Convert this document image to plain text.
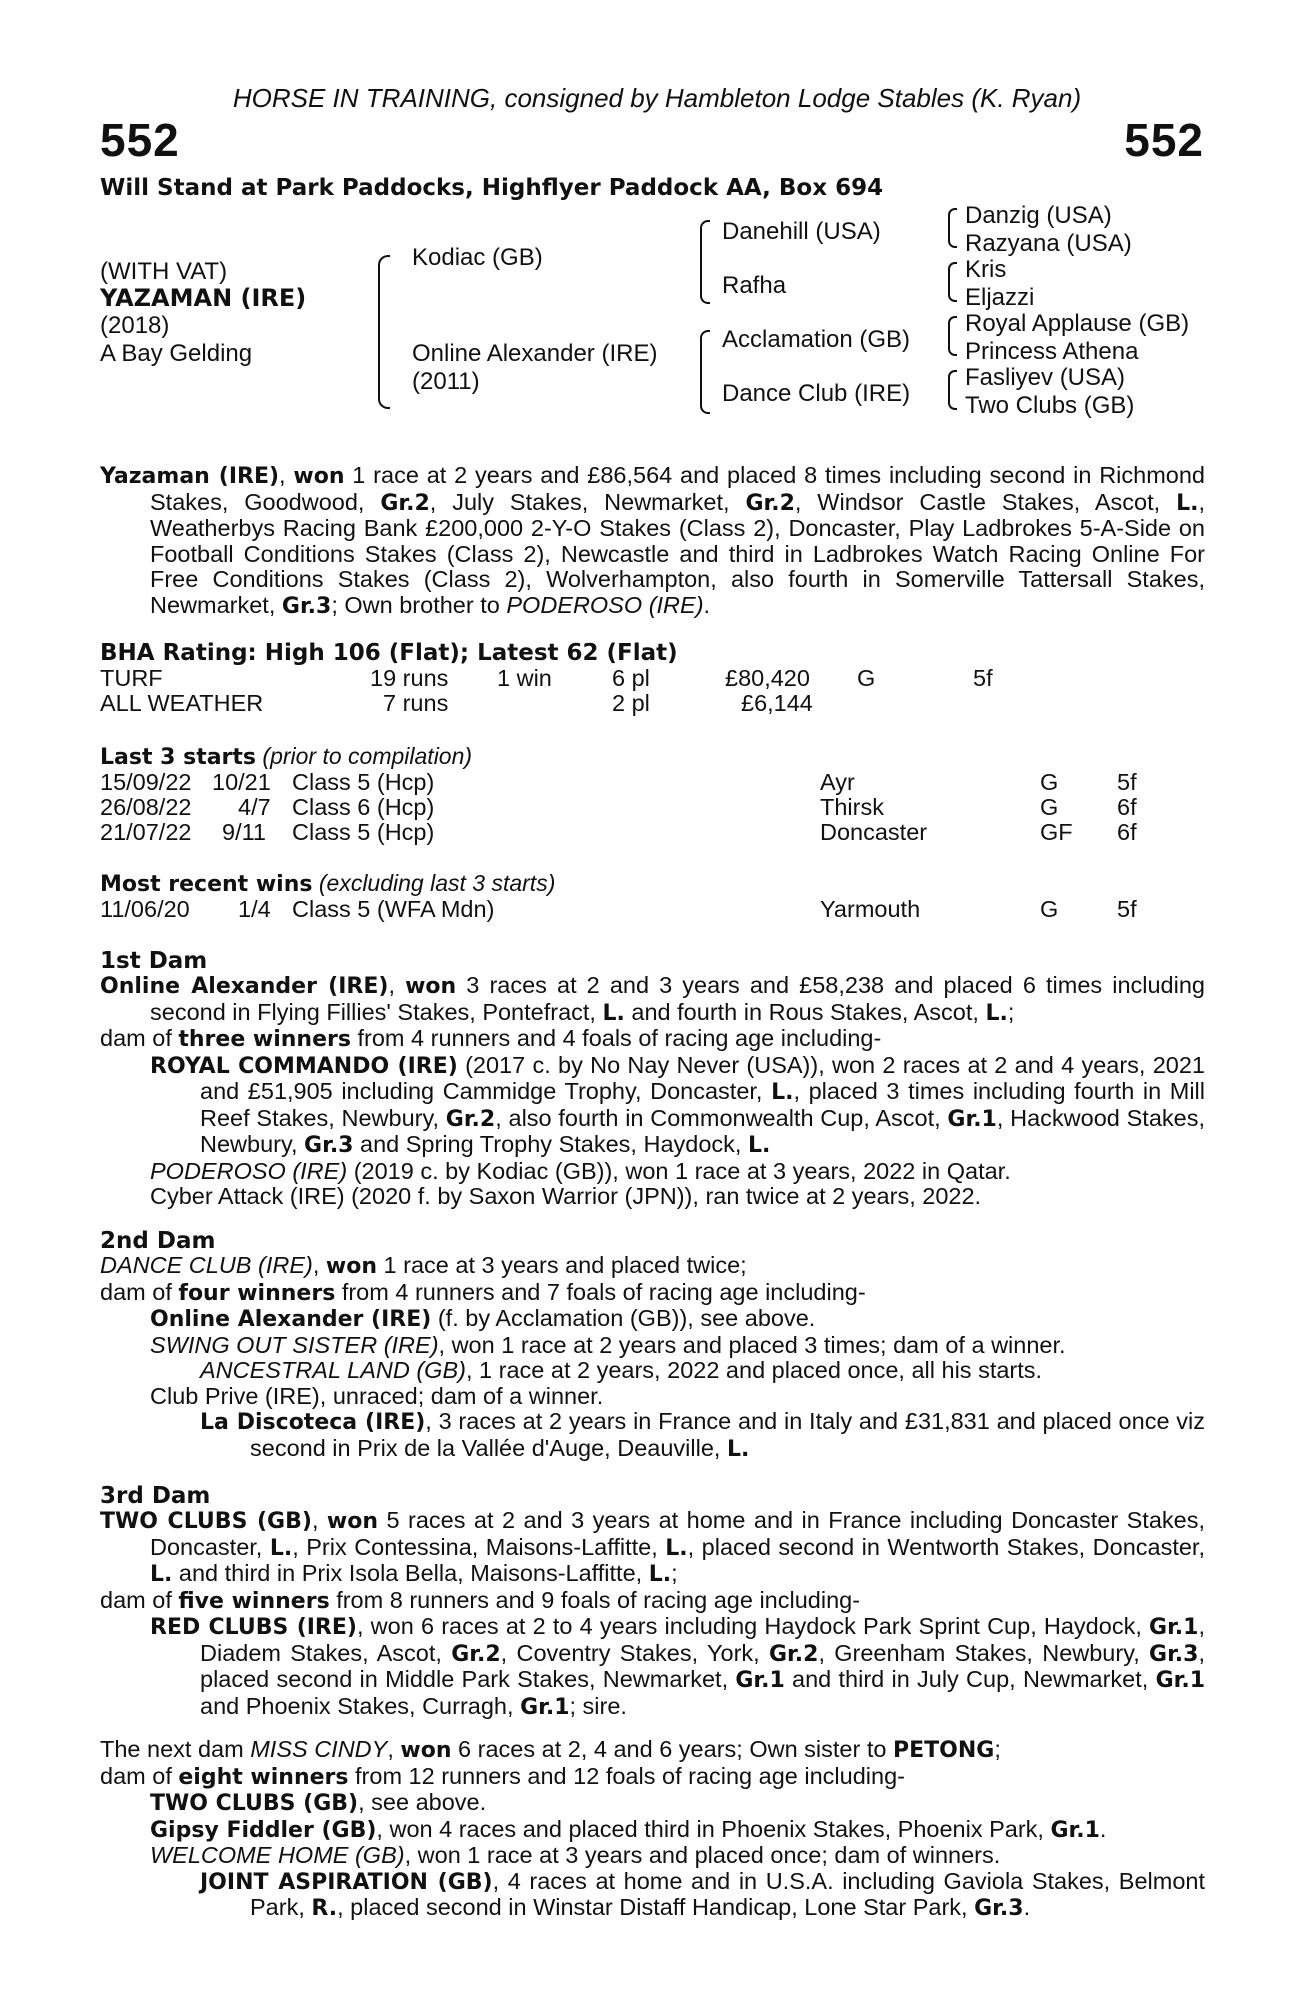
HORSE IN TRAINING, consigned by Hambleton Lodge Stables (K. Ryan)
552	552
Will Stand at Park Paddocks, Highflyer Paddock AA, Box 694
(WITH VAT)
YAZAMAN (IRE)
(2018)
A Bay Gelding
Kodiac (GB)
Online Alexander (IRE)
(2011)
Danehill (USA)
Rafha
Acclamation (GB)
Dance Club (IRE)
Danzig (USA)
Razyana (USA)
Kris
Eljazzi
Royal Applause (GB)
Princess Athena
Fasliyev (USA)
Two Clubs (GB)
Yazaman (IRE), won 1 race at 2 years and £86,564 and placed 8 times including second in Richmond Stakes, Goodwood, Gr.2, July Stakes, Newmarket, Gr.2, Windsor Castle Stakes, Ascot, L., Weatherbys Racing Bank £200,000 2-Y-O Stakes (Class 2), Doncaster, Play Ladbrokes 5-A-Side on Football Conditions Stakes (Class 2), Newcastle and third in Ladbrokes Watch Racing Online For Free Conditions Stakes (Class 2), Wolverhampton, also fourth in Somerville Tattersall Stakes, Newmarket, Gr.3; Own brother to PODEROSO (IRE).
BHA Rating: High 106 (Flat); Latest 62 (Flat)
TURF	19 runs 1 win	6 pl	£80,420 G	5f
ALL WEATHER	7 runs	2 pl	£6,144
Last 3 starts (prior to compilation)
15/09/22 10/21 Class 5 (Hcp)	Ayr	G 5f
26/08/22 4/7 Class 6 (Hcp)	Thirsk	G 6f
21/07/22 9/11 Class 5 (Hcp)	Doncaster	GF 6f
Most recent wins (excluding last 3 starts)
11/06/20 1/4 Class 5 (WFA Mdn)	Yarmouth	G 5f
1st Dam
Online Alexander (IRE), won 3 races at 2 and 3 years and £58,238 and placed 6 times including second in Flying Fillies' Stakes, Pontefract, L. and fourth in Rous Stakes, Ascot, L.;
dam of three winners from 4 runners and 4 foals of racing age including-
ROYAL COMMANDO (IRE) (2017 c. by No Nay Never (USA)), won 2 races at 2 and 4 years, 2021 and £51,905 including Cammidge Trophy, Doncaster, L., placed 3 times including fourth in Mill Reef Stakes, Newbury, Gr.2, also fourth in Commonwealth Cup, Ascot, Gr.1, Hackwood Stakes, Newbury, Gr.3 and Spring Trophy Stakes, Haydock, L.
PODEROSO (IRE) (2019 c. by Kodiac (GB)), won 1 race at 3 years, 2022 in Qatar.
Cyber Attack (IRE) (2020 f. by Saxon Warrior (JPN)), ran twice at 2 years, 2022.
2nd Dam
DANCE CLUB (IRE), won 1 race at 3 years and placed twice;
dam of four winners from 4 runners and 7 foals of racing age including-
Online Alexander (IRE) (f. by Acclamation (GB)), see above.
SWING OUT SISTER (IRE), won 1 race at 2 years and placed 3 times; dam of a winner.
ANCESTRAL LAND (GB), 1 race at 2 years, 2022 and placed once, all his starts.
Club Prive (IRE), unraced; dam of a winner.
La Discoteca (IRE), 3 races at 2 years in France and in Italy and £31,831 and placed once viz second in Prix de la Vallée d'Auge, Deauville, L.
3rd Dam
TWO CLUBS (GB), won 5 races at 2 and 3 years at home and in France including Doncaster Stakes, Doncaster, L., Prix Contessina, Maisons-Laffitte, L., placed second in Wentworth Stakes, Doncaster, L. and third in Prix Isola Bella, Maisons-Laffitte, L.;
dam of five winners from 8 runners and 9 foals of racing age including-
RED CLUBS (IRE), won 6 races at 2 to 4 years including Haydock Park Sprint Cup, Haydock, Gr.1, Diadem Stakes, Ascot, Gr.2, Coventry Stakes, York, Gr.2, Greenham Stakes, Newbury, Gr.3, placed second in Middle Park Stakes, Newmarket, Gr.1 and third in July Cup, Newmarket, Gr.1 and Phoenix Stakes, Curragh, Gr.1; sire.
The next dam MISS CINDY, won 6 races at 2, 4 and 6 years; Own sister to PETONG;
dam of eight winners from 12 runners and 12 foals of racing age including-
TWO CLUBS (GB), see above.
Gipsy Fiddler (GB), won 4 races and placed third in Phoenix Stakes, Phoenix Park, Gr.1.
WELCOME HOME (GB), won 1 race at 3 years and placed once; dam of winners.
JOINT ASPIRATION (GB), 4 races at home and in U.S.A. including Gaviola Stakes, Belmont Park, R., placed second in Winstar Distaff Handicap, Lone Star Park, Gr.3.
